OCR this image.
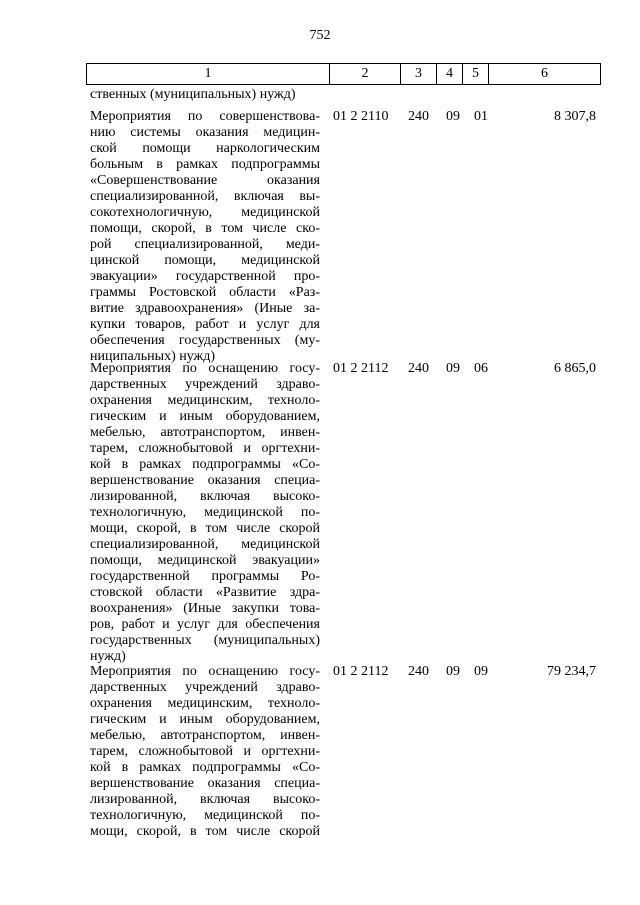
752
1	2	3	4	5	6
ственных (муниципальных) нужд)
Мероприятия по совершенствова-
нию системы оказания медицин-
ской помощи наркологическим
больным в рамках подпрограммы
«Совершенствование оказания
специализированной, включая вы-
сокотехнологичную, медицинской
помощи, скорой, в том числе ско-
рой специализированной, меди-
цинской помощи, медицинской
эвакуации» государственной про-
граммы Ростовской области «Раз-
витие здравоохранения» (Иные за-
купки товаров, работ и услуг для
обеспечения государственных (му-
ниципальных) нужд)
01 2 2110	240	09 01	8 307,8
Мероприятия по оснащению госу-
дарственных учреждений здраво-
охранения медицинским, техноло-
гическим и иным оборудованием,
мебелью, автотранспортом, инвен-
тарем, сложнобытовой и оргтехни-
кой в рамках подпрограммы «Со-
вершенствование оказания специа-
лизированной, включая высоко-
технологичную, медицинской по-
мощи, скорой, в том числе скорой
специализированной, медицинской
помощи, медицинской эвакуации»
государственной программы Ро-
стовской области «Развитие здра-
воохранения» (Иные закупки това-
ров, работ и услуг для обеспечения
государственных (муниципальных)
нужд)
01 2 2112	240	09 06	6 865,0
Мероприятия по оснащению госу-
дарственных учреждений здраво-
охранения медицинским, техноло-
гическим и иным оборудованием,
мебелью, автотранспортом, инвен-
тарем, сложнобытовой и оргтехни-
кой в рамках подпрограммы «Со-
вершенствование оказания специа-
лизированной, включая высоко-
технологичную, медицинской по-
мощи, скорой, в том числе скорой
01 2 2112	240	09 09	79 234,7
